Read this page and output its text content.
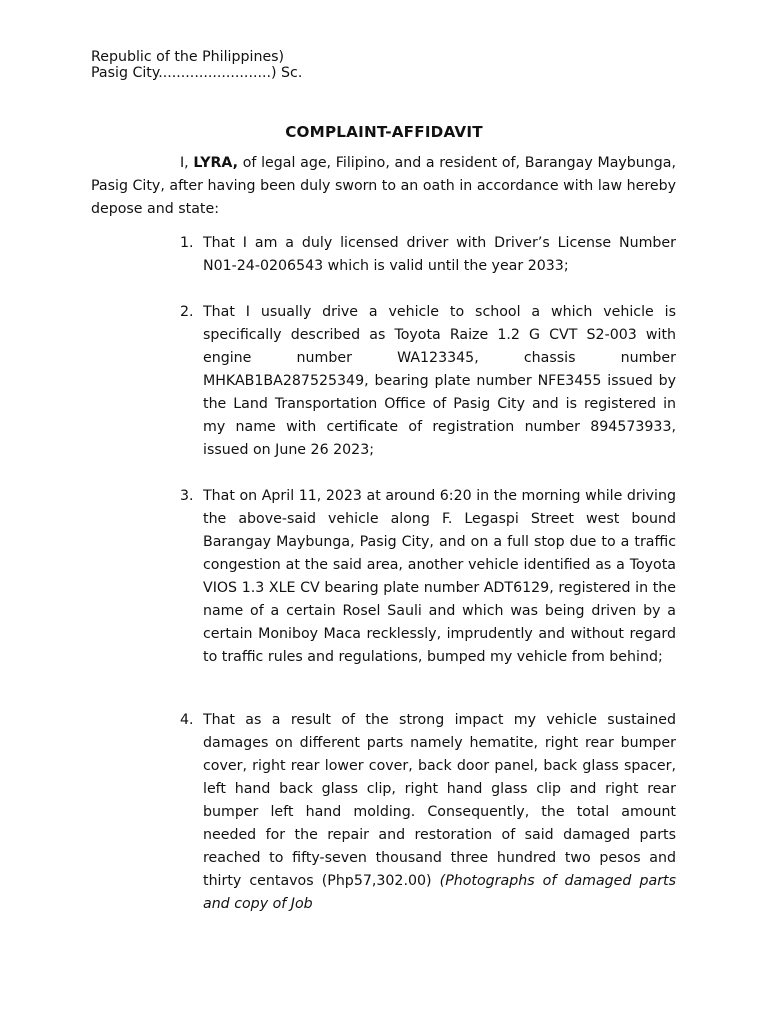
Republic of the Philippines)
Pasig City.........................) Sc.
COMPLAINT-AFFIDAVIT
I, LYRA, of legal age, Filipino, and a resident of, Barangay Maybunga, Pasig City, after having been duly sworn to an oath in accordance with law hereby depose and state:
1. That I am a duly licensed driver with Driver’s License Number N01-24-0206543 which is valid until the year 2033;
2. That I usually drive a vehicle to school a which vehicle is specifically described as Toyota Raize 1.2 G CVT S2-003 with engine number WA123345, chassis number MHKAB1BA287525349, bearing plate number NFE3455 issued by the Land Transportation Office of Pasig City and is registered in my name with certificate of registration number 894573933, issued on June 26 2023;
3. That on April 11, 2023 at around 6:20 in the morning while driving the above-said vehicle along F. Legaspi Street west bound Barangay Maybunga, Pasig City, and on a full stop due to a traffic congestion at the said area, another vehicle identified as a Toyota VIOS 1.3 XLE CV bearing plate number ADT6129, registered in the name of a certain Rosel Sauli and which was being driven by a certain Moniboy Maca recklessly, imprudently and without regard to traffic rules and regulations, bumped my vehicle from behind;
4. That as a result of the strong impact my vehicle sustained damages on different parts namely hematite, right rear bumper cover, right rear lower cover, back door panel, back glass spacer, left hand back glass clip, right hand glass clip and right rear bumper left hand molding. Consequently, the total amount needed for the repair and restoration of said damaged parts reached to fifty-seven thousand three hundred two pesos and thirty centavos (Php57,302.00) (Photographs of damaged parts and copy of Job
